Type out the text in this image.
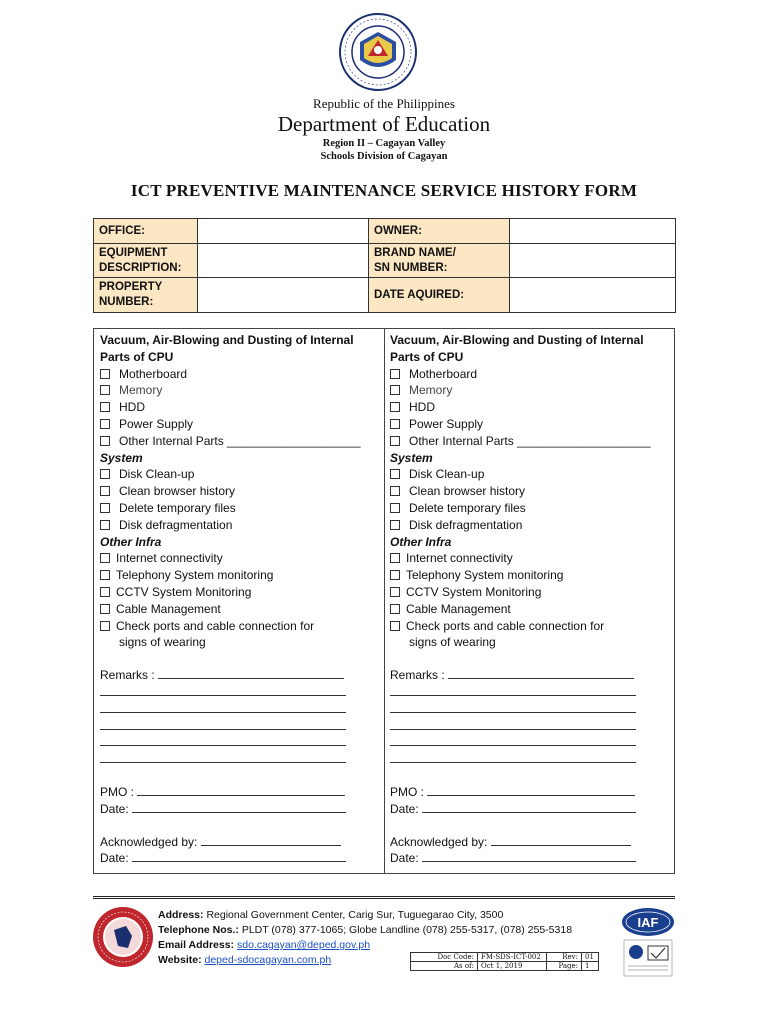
Republic of the Philippines
Department of Education
Region II – Cagayan Valley
Schools Division of Cagayan
ICT PREVENTIVE MAINTENANCE SERVICE HISTORY FORM
OFFICE:		OWNER:	
EQUIPMENT
DESCRIPTION:		BRAND NAME/
SN NUMBER:	
PROPERTY
NUMBER:		DATE AQUIRED:	
Vacuum, Air-Blowing and Dusting of Internal
Parts of CPU
Motherboard
Memory
HDD
Power Supply
Other Internal Parts ____________________
System
Disk Clean-up
Clean browser history
Delete temporary files
Disk defragmentation
Other Infra
Internet connectivity
Telephony System monitoring
CCTV System Monitoring
Cable Management
Check ports and cable connection for
signs of wearing
Remarks :
PMO :
Date:
Acknowledged by:
Date:
Vacuum, Air-Blowing and Dusting of Internal
Parts of CPU
Motherboard
Memory
HDD
Power Supply
Other Internal Parts ____________________
System
Disk Clean-up
Clean browser history
Delete temporary files
Disk defragmentation
Other Infra
Internet connectivity
Telephony System monitoring
CCTV System Monitoring
Cable Management
Check ports and cable connection for
signs of wearing
Remarks :
PMO :
Date:
Acknowledged by:
Date:
Address: Regional Government Center, Carig Sur, Tuguegarao City, 3500
Telephone Nos.: PLDT (078) 377-1065; Globe Landline (078) 255-5317, (078) 255-5318
Email Address: sdo.cagayan@deped.gov.ph
Website: deped-sdocagayan.com.ph	Doc Code:	FM-SDS-ICT-002	Rev:	01
As of:	Oct 1, 2019	Page:	1
IAF
